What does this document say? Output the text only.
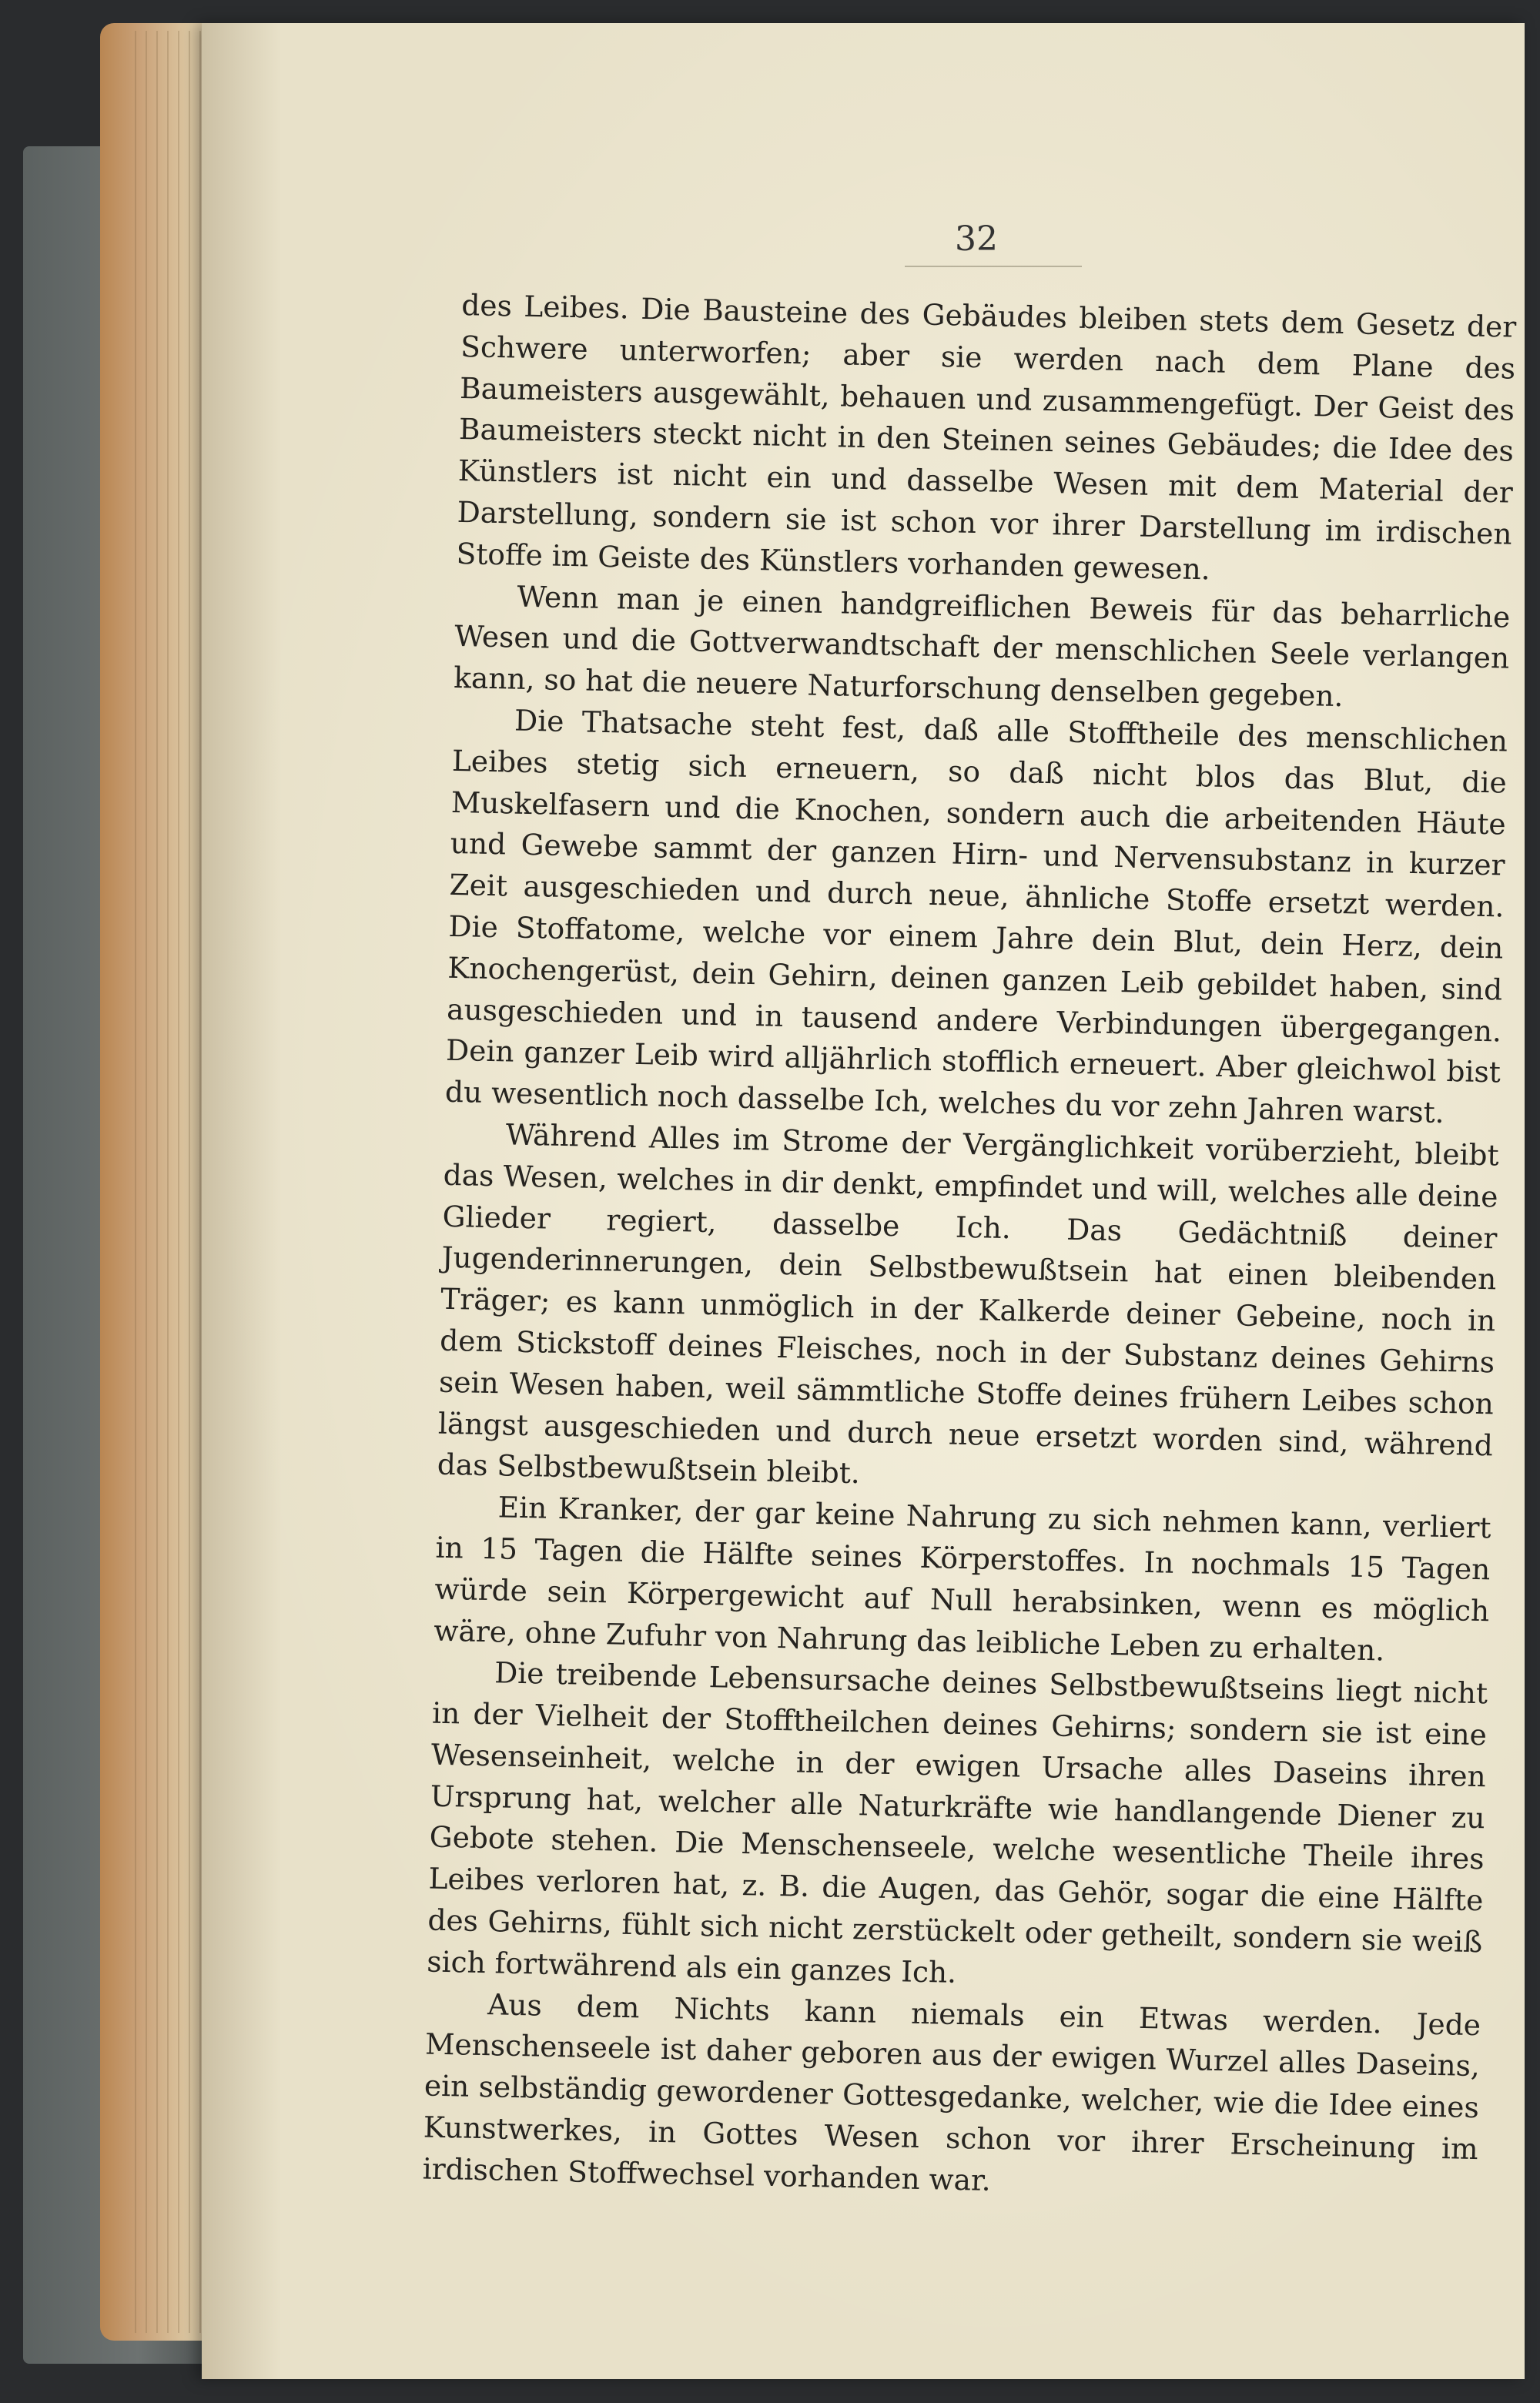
32

des Leibes. Die Bausteine des Gebäudes bleiben stets dem Gesetz der Schwere unterworfen; aber sie werden nach dem Plane des Baumeisters ausgewählt, behauen und zusammengefügt. Der Geist des Baumeisters steckt nicht in den Steinen seines Gebäudes; die Idee des Künstlers ist nicht ein und dasselbe Wesen mit dem Material der Darstellung, sondern sie ist schon vor ihrer Darstellung im irdischen Stoffe im Geiste des Künstlers vorhanden gewesen.

Wenn man je einen handgreiflichen Beweis für das beharrliche Wesen und die Gottverwandtschaft der menschlichen Seele verlangen kann, so hat die neuere Naturforschung denselben gegeben.

Die Thatsache steht fest, daß alle Stofftheile des menschlichen Leibes stetig sich erneuern, so daß nicht blos das Blut, die Muskelfasern und die Knochen, sondern auch die arbeitenden Häute und Gewebe sammt der ganzen Hirn- und Nervensubstanz in kurzer Zeit ausgeschieden und durch neue, ähnliche Stoffe ersetzt werden. Die Stoffatome, welche vor einem Jahre dein Blut, dein Herz, dein Knochengerüst, dein Gehirn, deinen ganzen Leib gebildet haben, sind ausgeschieden und in tausend andere Verbindungen übergegangen. Dein ganzer Leib wird alljährlich stofflich erneuert. Aber gleichwol bist du wesentlich noch dasselbe Ich, welches du vor zehn Jahren warst.

Während Alles im Strome der Vergänglichkeit vorüberzieht, bleibt das Wesen, welches in dir denkt, empfindet und will, welches alle deine Glieder regiert, dasselbe Ich. Das Gedächtniß deiner Jugenderinnerungen, dein Selbstbewußtsein hat einen bleibenden Träger; es kann unmöglich in der Kalkerde deiner Gebeine, noch in dem Stickstoff deines Fleisches, noch in der Substanz deines Gehirns sein Wesen haben, weil sämmtliche Stoffe deines frühern Leibes schon längst ausgeschieden und durch neue ersetzt worden sind, während das Selbstbewußtsein bleibt.

Ein Kranker, der gar keine Nahrung zu sich nehmen kann, verliert in 15 Tagen die Hälfte seines Körperstoffes. In nochmals 15 Tagen würde sein Körpergewicht auf Null herabsinken, wenn es möglich wäre, ohne Zufuhr von Nahrung das leibliche Leben zu erhalten.

Die treibende Lebensursache deines Selbstbewußtseins liegt nicht in der Vielheit der Stofftheilchen deines Gehirns; sondern sie ist eine Wesenseinheit, welche in der ewigen Ursache alles Daseins ihren Ursprung hat, welcher alle Naturkräfte wie handlangende Diener zu Gebote stehen. Die Menschenseele, welche wesentliche Theile ihres Leibes verloren hat, z. B. die Augen, das Gehör, sogar die eine Hälfte des Gehirns, fühlt sich nicht zerstückelt oder getheilt, sondern sie weiß sich fortwährend als ein ganzes Ich.

Aus dem Nichts kann niemals ein Etwas werden. Jede Menschenseele ist daher geboren aus der ewigen Wurzel alles Daseins, ein selbständig gewordener Gottesgedanke, welcher, wie die Idee eines Kunstwerkes, in Gottes Wesen schon vor ihrer Erscheinung im irdischen Stoffwechsel vorhanden war.
